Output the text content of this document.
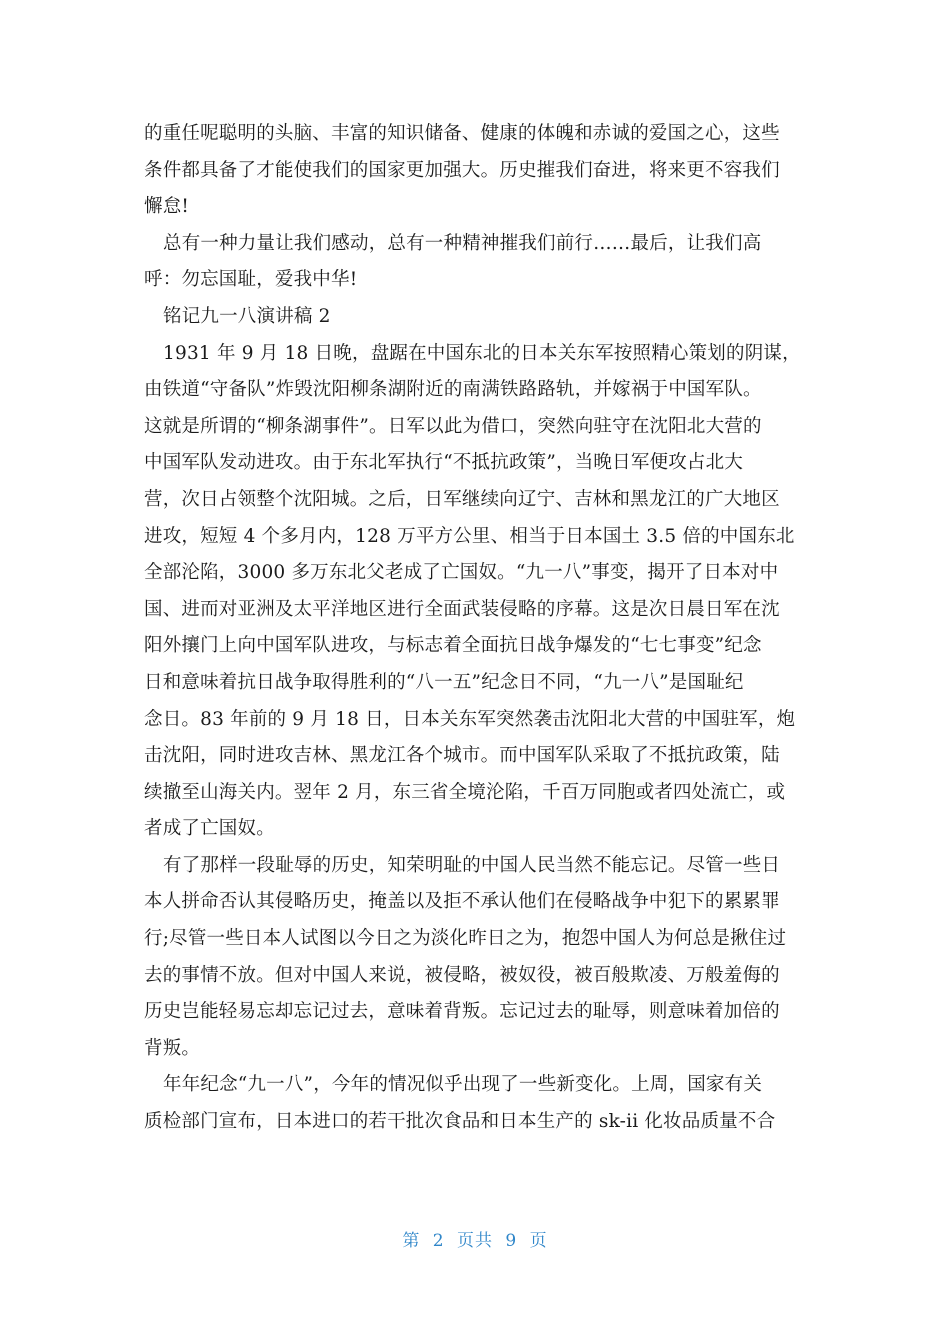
的重任呢聪明的头脑、丰富的知识储备、健康的体魄和赤诚的爱国之心，这些
条件都具备了才能使我们的国家更加强大。历史摧我们奋进，将来更不容我们
懈怠!
总有一种力量让我们感动，总有一种精神摧我们前行……最后，让我们高
呼：勿忘国耻，爱我中华!
铭记九一八演讲稿 2
1931 年 9 月 18 日晚，盘踞在中国东北的日本关东军按照精心策划的阴谋，
由铁道“守备队”炸毁沈阳柳条湖附近的南满铁路路轨，并嫁祸于中国军队。
这就是所谓的“柳条湖事件”。日军以此为借口，突然向驻守在沈阳北大营的
中国军队发动进攻。由于东北军执行“不抵抗政策”，当晚日军便攻占北大
营，次日占领整个沈阳城。之后，日军继续向辽宁、吉林和黑龙江的广大地区
进攻，短短 4 个多月内，128 万平方公里、相当于日本国土 3.5 倍的中国东北
全部沦陷，3000 多万东北父老成了亡国奴。“九一八”事变，揭开了日本对中
国、进而对亚洲及太平洋地区进行全面武装侵略的序幕。这是次日晨日军在沈
阳外攘门上向中国军队进攻，与标志着全面抗日战争爆发的“七七事变”纪念
日和意味着抗日战争取得胜利的“八一五”纪念日不同，“九一八”是国耻纪
念日。83 年前的 9 月 18 日，日本关东军突然袭击沈阳北大营的中国驻军，炮
击沈阳，同时进攻吉林、黑龙江各个城市。而中国军队采取了不抵抗政策，陆
续撤至山海关内。翌年 2 月，东三省全境沦陷，千百万同胞或者四处流亡，或
者成了亡国奴。
有了那样一段耻辱的历史，知荣明耻的中国人民当然不能忘记。尽管一些日
本人拼命否认其侵略历史，掩盖以及拒不承认他们在侵略战争中犯下的累累罪
行;尽管一些日本人试图以今日之为淡化昨日之为，抱怨中国人为何总是揪住过
去的事情不放。但对中国人来说，被侵略，被奴役，被百般欺凌、万般羞侮的
历史岂能轻易忘却忘记过去，意味着背叛。忘记过去的耻辱，则意味着加倍的
背叛。
年年纪念“九一八”，今年的情况似乎出现了一些新变化。上周，国家有关
质检部门宣布，日本进口的若干批次食品和日本生产的 sk-ii 化妆品质量不合
第 2 页共 9 页
